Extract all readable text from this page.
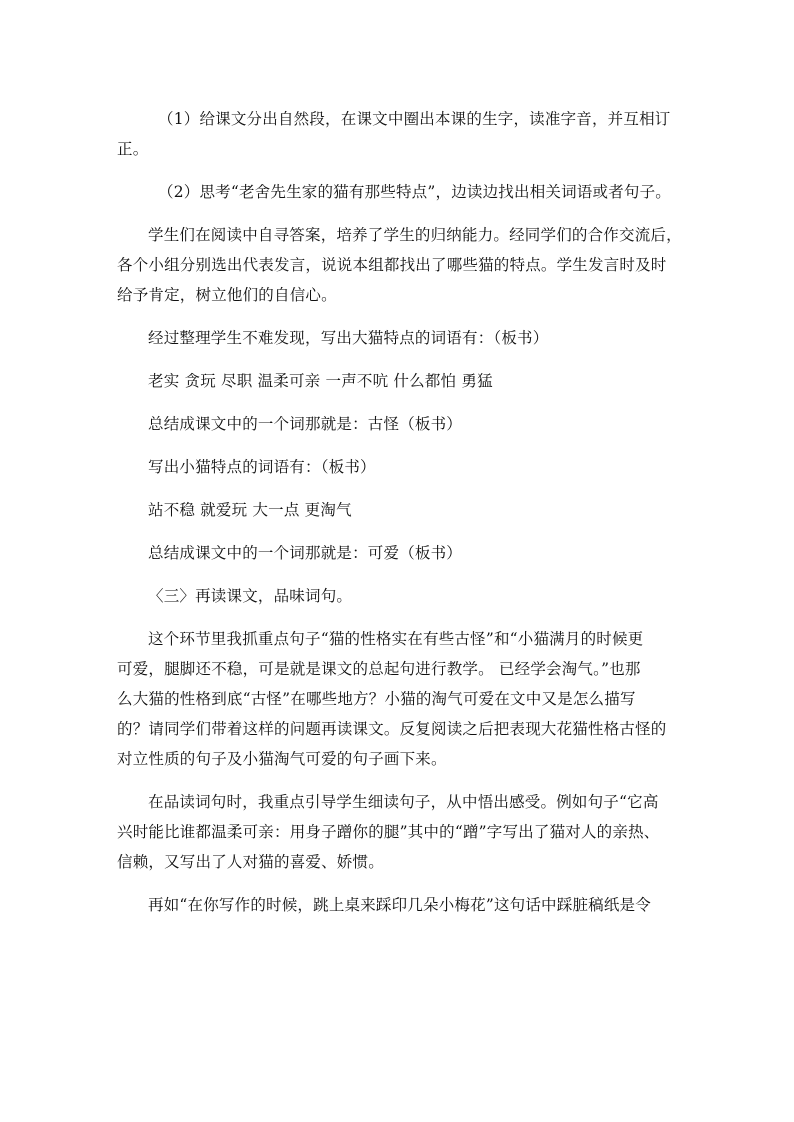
（1）给课文分出自然段，在课文中圈出本课的生字，读准字音，并互相订

正。

（2）思考“老舍先生家的猫有那些特点”，边读边找出相关词语或者句子。

学生们在阅读中自寻答案，培养了学生的归纳能力。经同学们的合作交流后，

各个小组分别选出代表发言，说说本组都找出了哪些猫的特点。学生发言时及时

给予肯定，树立他们的自信心。

经过整理学生不难发现，写出大猫特点的词语有：（板书）

老实 贪玩 尽职 温柔可亲 一声不吭 什么都怕 勇猛

总结成课文中的一个词那就是：古怪（板书）

写出小猫特点的词语有：（板书）

站不稳 就爱玩 大一点 更淘气

总结成课文中的一个词那就是：可爱（板书）

〈三〉再读课文，品味词句。

这个环节里我抓重点句子“猫的性格实在有些古怪”和“小猫满月的时候更

可爱，腿脚还不稳，可是就是课文的总起句进行教学。 已经学会淘气。”也那

么大猫的性格到底“古怪”在哪些地方？小猫的淘气可爱在文中又是怎么描写

的？请同学们带着这样的问题再读课文。反复阅读之后把表现大花猫性格古怪的

对立性质的句子及小猫淘气可爱的句子画下来。

在品读词句时，我重点引导学生细读句子，从中悟出感受。例如句子“它高

兴时能比谁都温柔可亲：用身子蹭你的腿”其中的“蹭”字写出了猫对人的亲热、

信赖，又写出了人对猫的喜爱、娇惯。

再如“在你写作的时候，跳上桌来踩印几朵小梅花”这句话中踩脏稿纸是令
